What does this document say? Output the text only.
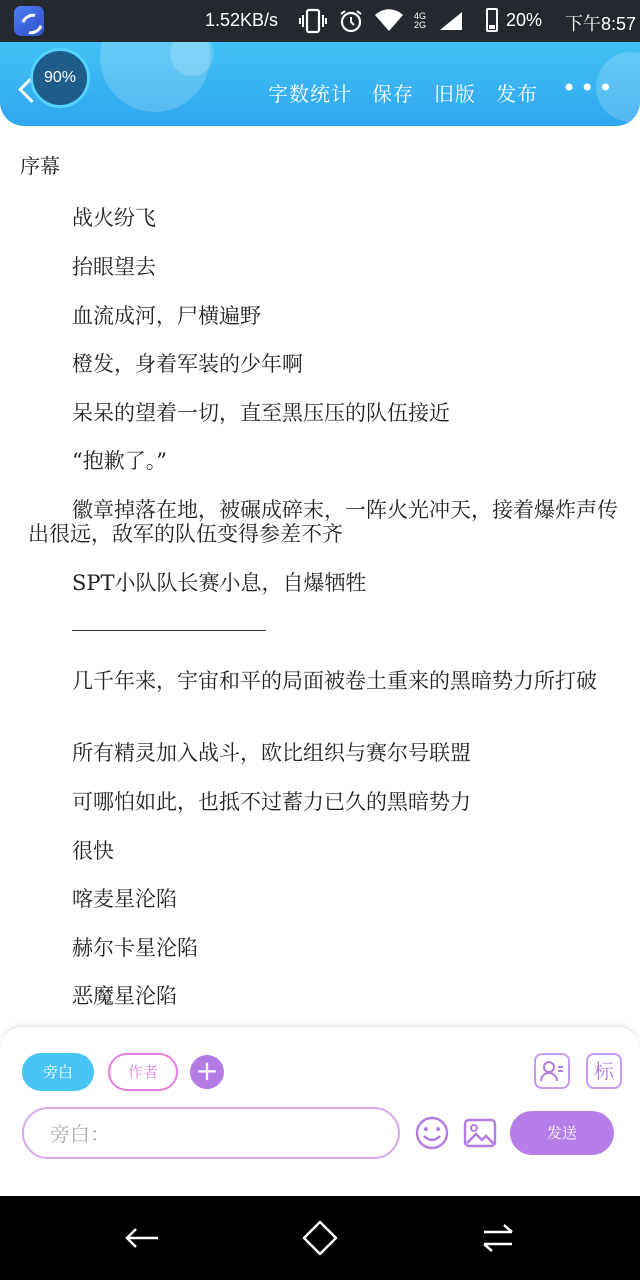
1.52KB/s	4G 2G	20% 下午8:57
90%
字数统计 保存 旧版 发布 •••
序幕
战火纷飞
抬眼望去
血流成河，尸横遍野
橙发，身着军装的少年啊
呆呆的望着一切，直至黑压压的队伍接近
“抱歉了。”
徽章掉落在地，被碾成碎末，一阵火光冲天，接着爆炸声传出很远，敌军的队伍变得参差不齐
SPT小队队长赛小息，自爆牺牲
几千年来，宇宙和平的局面被卷土重来的黑暗势力所打破
所有精灵加入战斗，欧比组织与赛尔号联盟
可哪怕如此，也抵不过蓄力已久的黑暗势力
很快
喀麦星沦陷
赫尔卡星沦陷
恶魔星沦陷
旁白	作者	+	标
旁白：
发送
